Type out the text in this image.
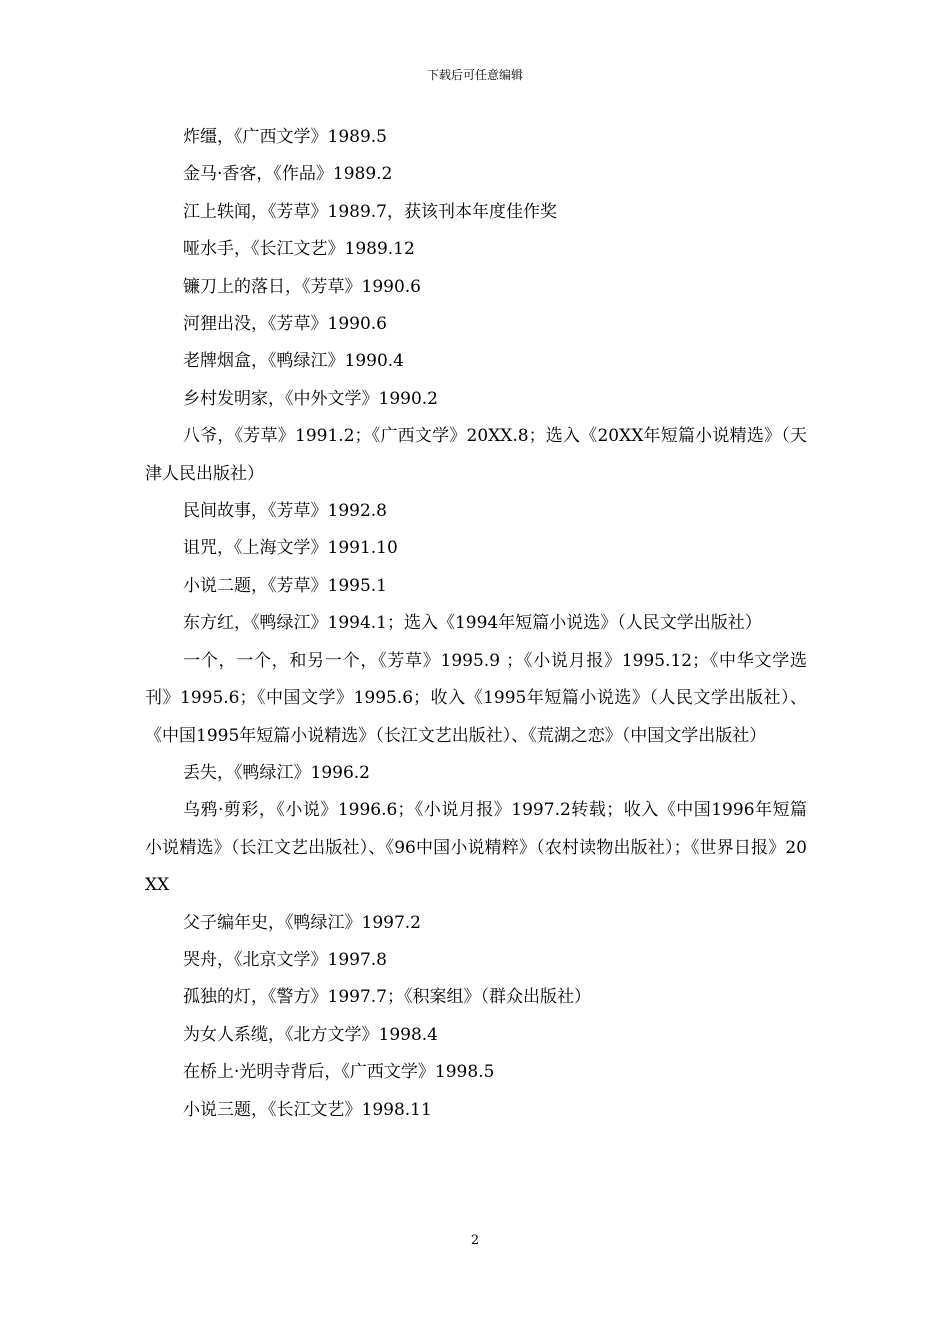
下载后可任意编辑

炸缰，《广西文学》1989.5

金马·香客，《作品》1989.2

江上轶闻，《芳草》1989.7，获该刊本年度佳作奖

哑水手，《长江文艺》1989.12

镰刀上的落日，《芳草》1990.6

河狸出没，《芳草》1990.6

老牌烟盒，《鸭绿江》1990.4

乡村发明家，《中外文学》1990.2

八爷，《芳草》1991.2；《广西文学》20XX.8；选入《20XX年短篇小说精选》（天津人民出版社）

民间故事，《芳草》1992.8

诅咒，《上海文学》1991.10

小说二题，《芳草》1995.1

东方红，《鸭绿江》1994.1；选入《1994年短篇小说选》（人民文学出版社）

一个，一个，和另一个，《芳草》1995.9 ；《小说月报》1995.12；《中华文学选刊》1995.6；《中国文学》1995.6；收入《1995年短篇小说选》（人民文学出版社）、《中国1995年短篇小说精选》（长江文艺出版社）、《荒湖之恋》（中国文学出版社）

丢失，《鸭绿江》1996.2

乌鸦·剪彩，《小说》1996.6；《小说月报》1997.2转载；收入《中国1996年短篇小说精选》（长江文艺出版社）、《96中国小说精粹》（农村读物出版社）；《世界日报》20XX

父子编年史，《鸭绿江》1997.2

哭舟，《北京文学》1997.8

孤独的灯，《警方》1997.7；《积案组》（群众出版社）

为女人系缆，《北方文学》1998.4

在桥上·光明寺背后，《广西文学》1998.5

小说三题，《长江文艺》1998.11

2
